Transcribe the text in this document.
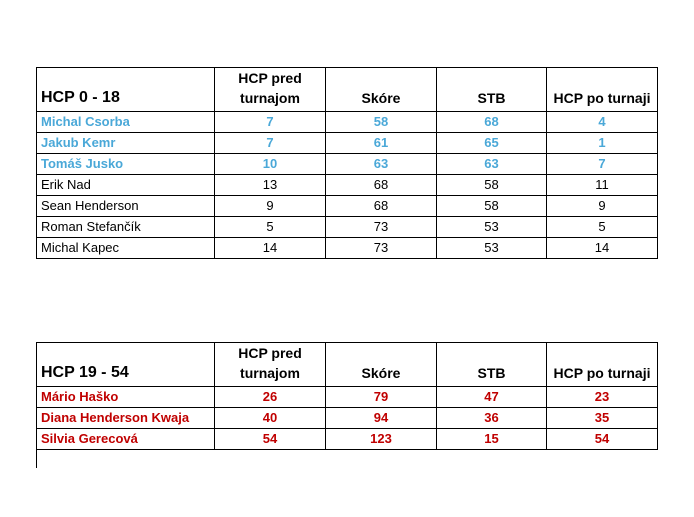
HCP 0 - 18	HCP pred turnajom	Skóre	STB	HCP po turnaji
Michal Csorba	7	58	68	4
Jakub Kemr	7	61	65	1
Tomáš Jusko	10	63	63	7
Erik Nad	13	68	58	11
Sean Henderson	9	68	58	9
Roman Stefančík	5	73	53	5
Michal Kapec	14	73	53	14
HCP 19 - 54	HCP pred turnajom	Skóre	STB	HCP po turnaji
Mário Haško	26	79	47	23
Diana Henderson Kwaja	40	94	36	35
Silvia Gerecová	54	123	15	54
